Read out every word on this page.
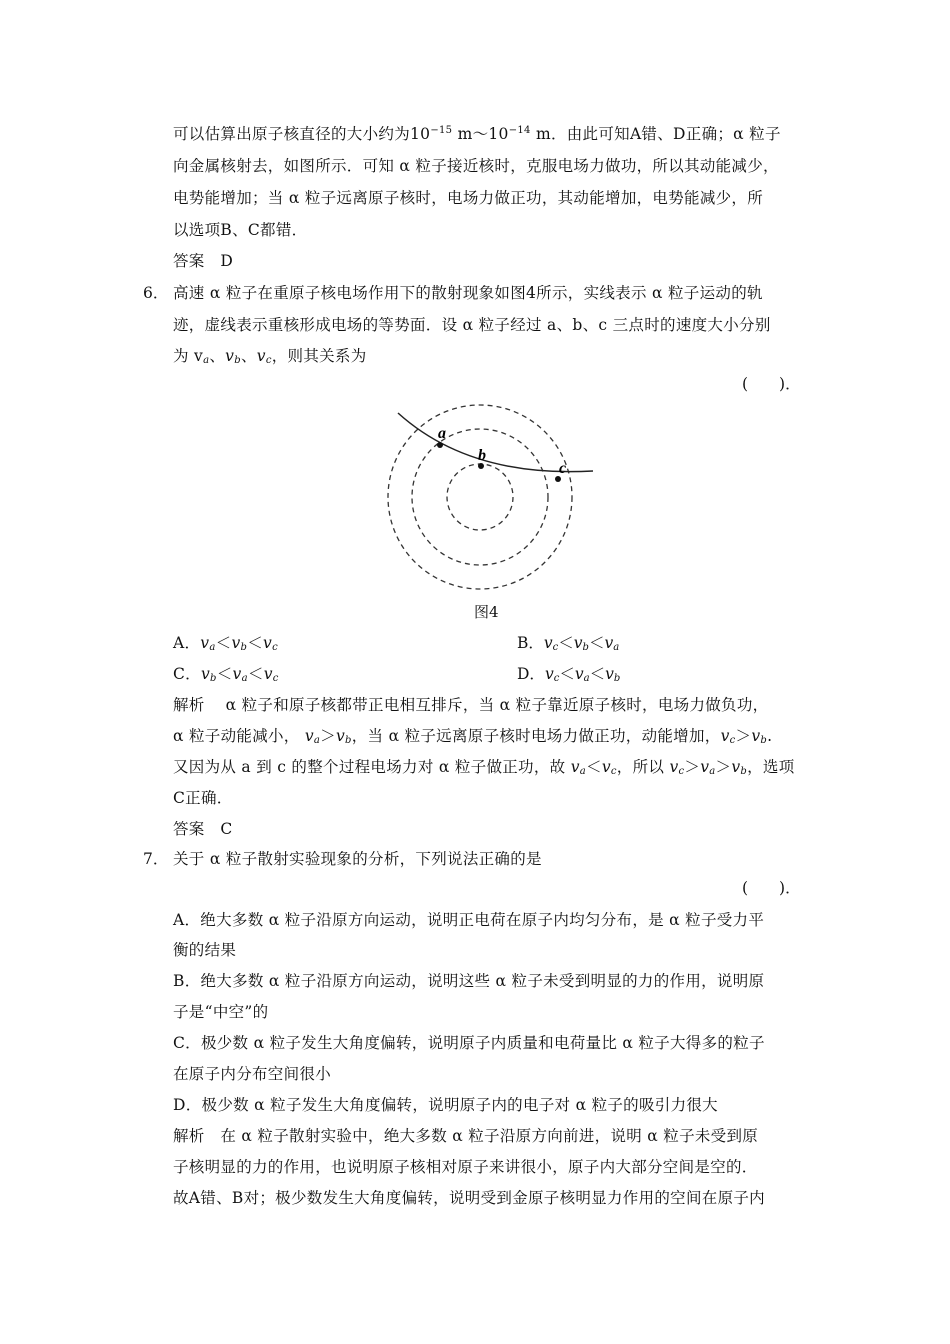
可以估算出原子核直径的大小约为$10^{-15}$ $m\sim 10^{-14}$ m．由此可知A错、D正确；α 粒子
向金属核射去，如图所示．可知 α 粒子接近核时，克服电场力做功，所以其动能减少，
电势能增加；当 α 粒子远离原子核时，电场力做正功，其动能增加，电势能减少，所
以选项B、C都错．
答案　D
6． 高速 α 粒子在重原子核电场作用下的散射现象如图4所示，实线表示 α 粒子运动的轨
迹，虚线表示重核形成电场的等势面．设 α 粒子经过 a、b、c 三点时的速度大小分别
为 $v_a$、$v_b$、$v_c$，则其关系为
(　　)．
a
b
c
图4
A．$v_a<v_b<v_c$	B．$v_c<v_b<v_a$
C．$v_b<v_a<v_c$	D．$v_c<v_a<v_b$
解析　 α 粒子和原子核都带正电相互排斥，当 α 粒子靠近原子核时，电场力做负功，
α 粒子动能减小， $v_a>v_b$，当 α 粒子远离原子核时电场力做正功，动能增加，$v_c>v_b$.
又因为从 a 到 c 的整个过程电场力对 α 粒子做正功，故 $v_a<v_c$，所以 $v_c>v_a>v_b$，选项
C正确．
答案　C
7． 关于 α 粒子散射实验现象的分析，下列说法正确的是
(　　)．
A．绝大多数 α 粒子沿原方向运动，说明正电荷在原子内均匀分布，是 α 粒子受力平
衡的结果
B．绝大多数 α 粒子沿原方向运动，说明这些 α 粒子未受到明显的力的作用，说明原
子是“中空”的
C．极少数 α 粒子发生大角度偏转，说明原子内质量和电荷量比 α 粒子大得多的粒子
在原子内分布空间很小
D．极少数 α 粒子发生大角度偏转，说明原子内的电子对 α 粒子的吸引力很大
解析　在 α 粒子散射实验中，绝大多数 α 粒子沿原方向前进，说明 α 粒子未受到原
子核明显的力的作用，也说明原子核相对原子来讲很小，原子内大部分空间是空的．
故A错、B对；极少数发生大角度偏转，说明受到金原子核明显力作用的空间在原子内
